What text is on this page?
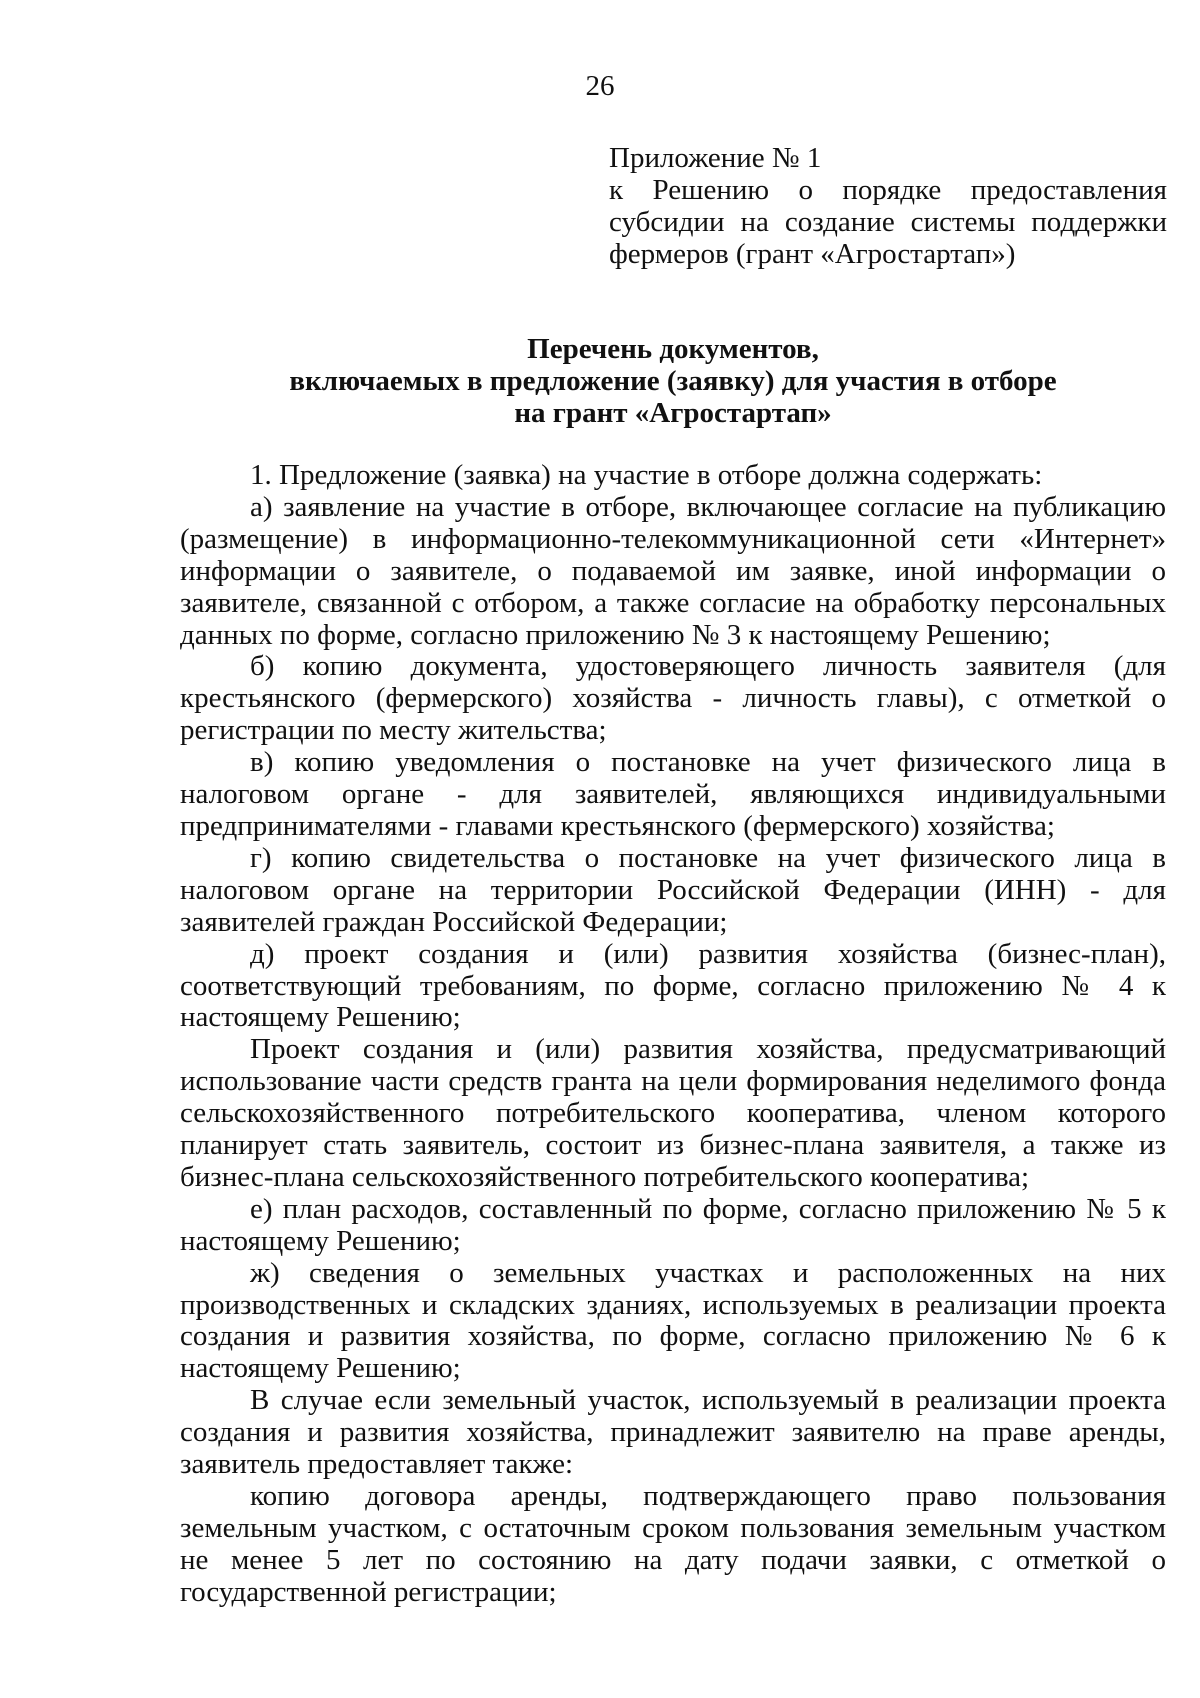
26
Приложение № 1
к Решению о порядке предоставления
субсидии на создание системы поддержки
фермеров (грант «Агростартап»)
Перечень документов,
включаемых в предложение (заявку) для участия в отборе
на грант «Агростартап»

1. Предложение (заявка) на участие в отборе должна содержать:

а) заявление на участие в отборе, включающее согласие на публикацию (размещение) в информационно-телекоммуникационной сети «Интернет» информации о заявителе, о подаваемой им заявке, иной информации о заявителе, связанной с отбором, а также согласие на обработку персональных данных по форме, согласно приложению № 3 к настоящему Решению;

б) копию документа, удостоверяющего личность заявителя (для крестьянского (фермерского) хозяйства - личность главы), с отметкой о регистрации по месту жительства;

в) копию уведомления о постановке на учет физического лица в налоговом органе - для заявителей, являющихся индивидуальными предпринимателями - главами крестьянского (фермерского) хозяйства;

г) копию свидетельства о постановке на учет физического лица в налоговом органе на территории Российской Федерации (ИНН) - для заявителей граждан Российской Федерации;

д) проект создания и (или) развития хозяйства (бизнес-план), соответствующий требованиям, по форме, согласно приложению № 4 к настоящему Решению;

Проект создания и (или) развития хозяйства, предусматривающий использование части средств гранта на цели формирования неделимого фонда сельскохозяйственного потребительского кооператива, членом которого планирует стать заявитель, состоит из бизнес-плана заявителя, а также из бизнес-плана сельскохозяйственного потребительского кооператива;

е) план расходов, составленный по форме, согласно приложению № 5 к настоящему Решению;

ж) сведения о земельных участках и расположенных на них производственных и складских зданиях, используемых в реализации проекта создания и развития хозяйства, по форме, согласно приложению № 6 к настоящему Решению;

В случае если земельный участок, используемый в реализации проекта создания и развития хозяйства, принадлежит заявителю на праве аренды, заявитель предоставляет также:

копию договора аренды, подтверждающего право пользования земельным участком, с остаточным сроком пользования земельным участком не менее 5 лет по состоянию на дату подачи заявки, с отметкой о государственной регистрации;
